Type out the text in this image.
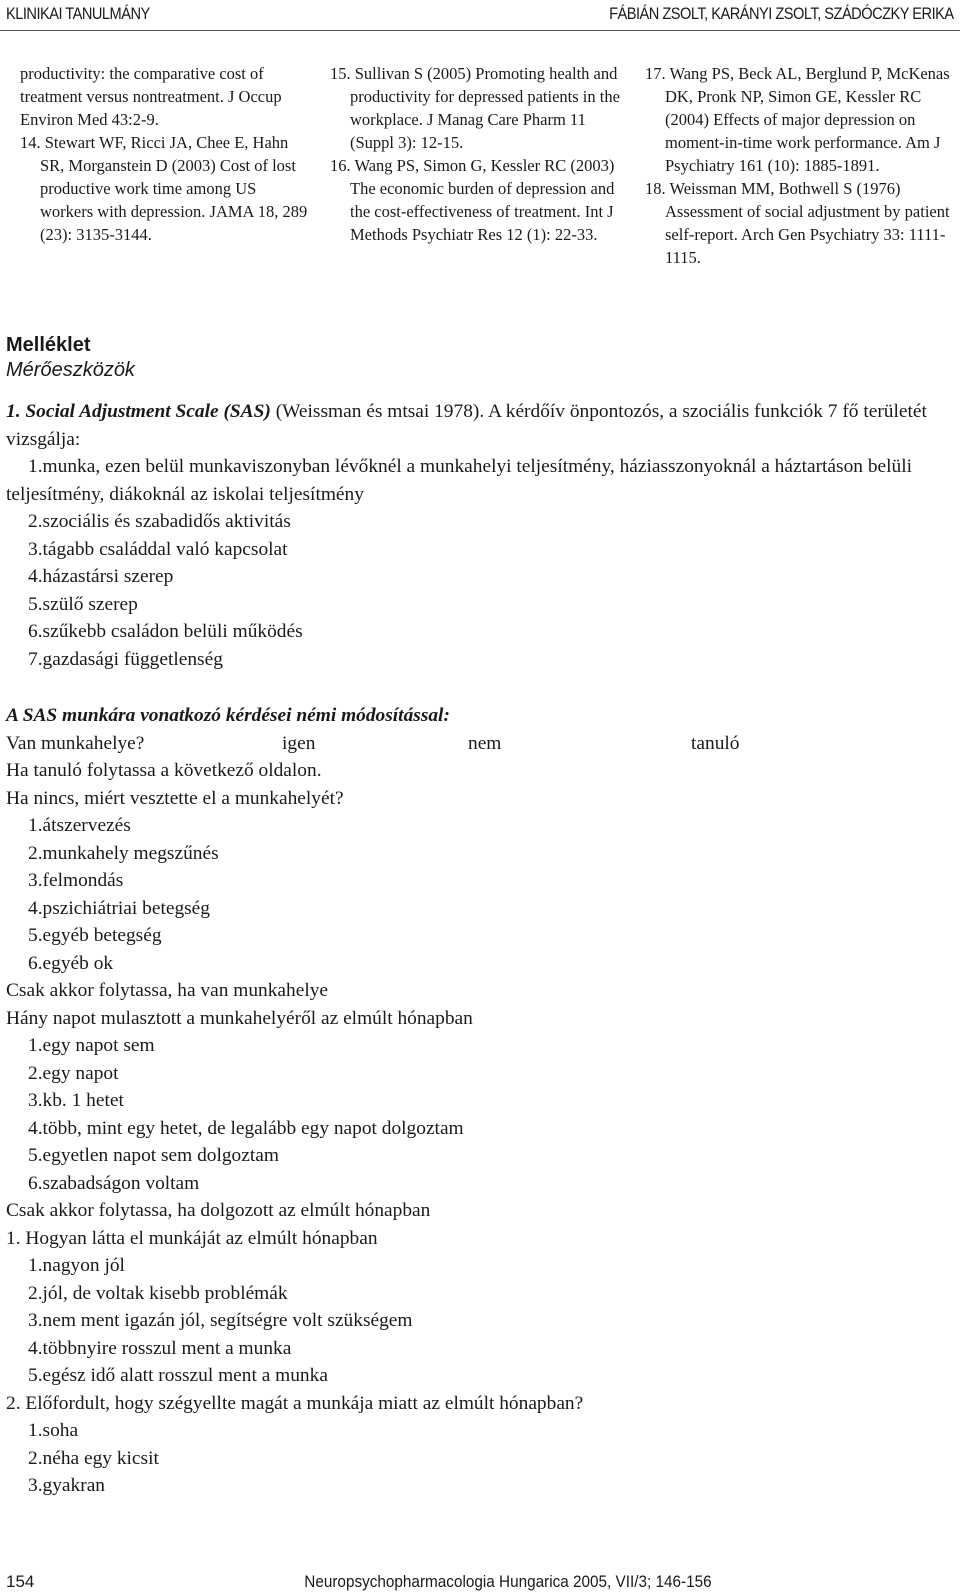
KLINIKAI TANULMÁNY	FÁBIÁN ZSOLT, KARÁNYI ZSOLT, SZÁDÓCZKY ERIKA

productivity: the comparative cost of treatment versus nontreatment. J Occup Environ Med 43:2-9.

14. Stewart WF, Ricci JA, Chee E, Hahn SR, Morganstein D (2003) Cost of lost productive work time among US workers with depression. JAMA 18, 289 (23): 3135-3144.

15. Sullivan S (2005) Promoting health and productivity for depressed patients in the workplace. J Manag Care Pharm 11 (Suppl 3): 12-15.

16. Wang PS, Simon G, Kessler RC (2003) The economic burden of depression and the cost-effectiveness of treatment. Int J Methods Psychiatr Res 12 (1): 22-33.

17. Wang PS, Beck AL, Berglund P, McKenas DK, Pronk NP, Simon GE, Kessler RC (2004) Effects of major depression on moment-in-time work performance. Am J Psychiatry 161 (10): 1885-1891.

18. Weissman MM, Bothwell S (1976) Assessment of social adjustment by patient self-report. Arch Gen Psychiatry 33: 1111-1115.

Melléklet
Mérőeszközök

1. Social Adjustment Scale (SAS) (Weissman és mtsai 1978). A kérdőív önpontozós, a szociális funkciók 7 fő területét vizsgálja:

1.munka, ezen belül munkaviszonyban lévőknél a munkahelyi teljesítmény, háziasszonyoknál a háztartáson belüli teljesítmény, diákoknál az iskolai teljesítmény

2.szociális és szabadidős aktivitás

3.tágabb családdal való kapcsolat

4.házastársi szerep

5.szülő szerep

6.szűkebb családon belüli működés

7.gazdasági függetlenség

A SAS munkára vonatkozó kérdései némi módosítással:

Van munkahelye?	igen	nem	tanuló

Ha tanuló folytassa a következő oldalon.

Ha nincs, miért vesztette el a munkahelyét?

1.átszervezés

2.munkahely megszűnés

3.felmondás

4.pszichiátriai betegség

5.egyéb betegség

6.egyéb ok

Csak akkor folytassa, ha van munkahelye

Hány napot mulasztott a munkahelyéről az elmúlt hónapban

1.egy napot sem

2.egy napot

3.kb. 1 hetet

4.több, mint egy hetet, de legalább egy napot dolgoztam

5.egyetlen napot sem dolgoztam

6.szabadságon voltam

Csak akkor folytassa, ha dolgozott az elmúlt hónapban

1. Hogyan látta el munkáját az elmúlt hónapban

1.nagyon jól

2.jól, de voltak kisebb problémák

3.nem ment igazán jól, segítségre volt szükségem

4.többnyire rosszul ment a munka

5.egész idő alatt rosszul ment a munka

2. Előfordult, hogy szégyellte magát a munkája miatt az elmúlt hónapban?

1.soha

2.néha egy kicsit

3.gyakran

154	Neuropsychopharmacologia Hungarica 2005, VII/3; 146-156
